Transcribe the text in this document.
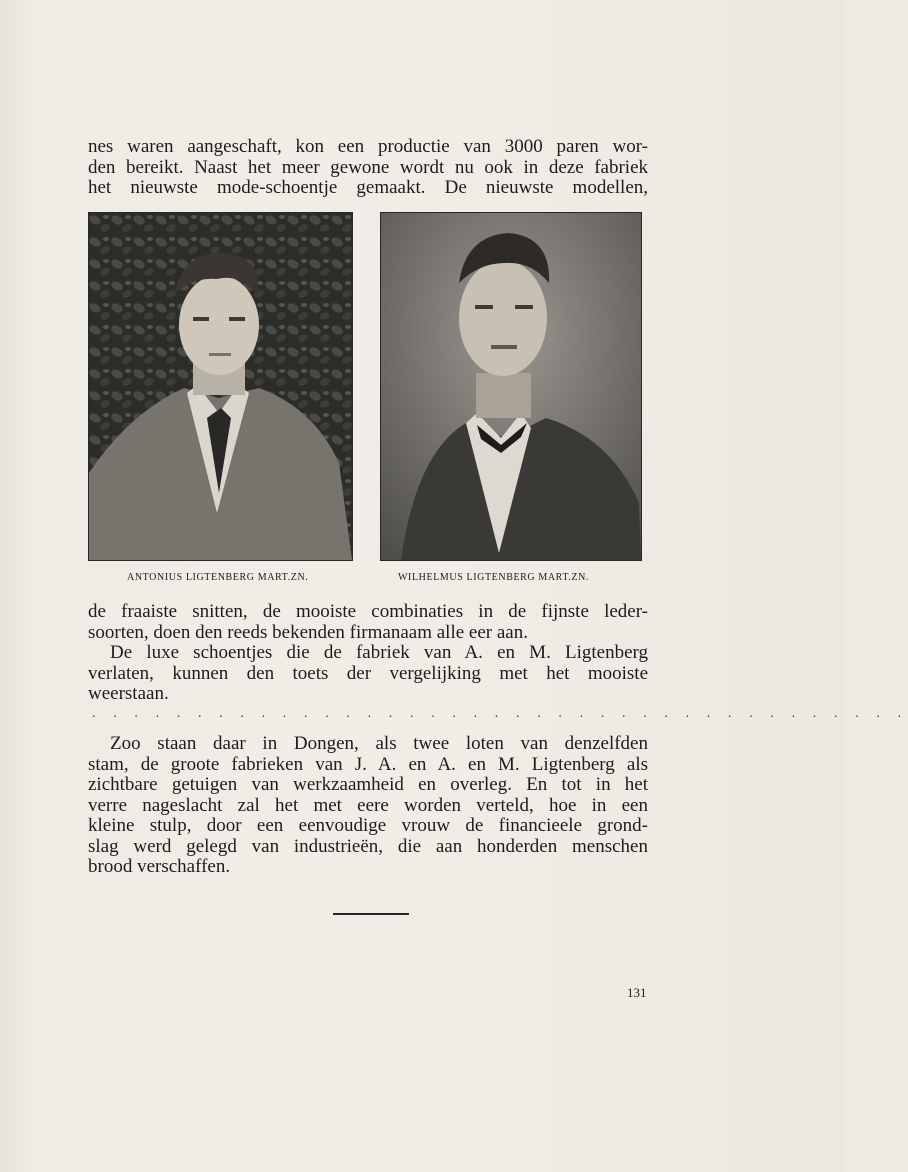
nes waren aangeschaft, kon een productie van 3000 paren wor-
den bereikt. Naast het meer gewone wordt nu ook in deze fabriek
het nieuwste mode-schoentje gemaakt. De nieuwste modellen,
ANTONIUS LIGTENBERG MART.ZN.	WILHELMUS LIGTENBERG MART.ZN.
de fraaiste snitten, de mooiste combinaties in de fijnste leder-
soorten, doen den reeds bekenden firmanaam alle eer aan.
De luxe schoentjes die de fabriek van A. en M. Ligtenberg
verlaten, kunnen den toets der vergelijking met het mooiste
weerstaan.
. . . . . . . . . . . . . . . . . . . . . . . . . . . . . . . . . . . . . . .
Zoo staan daar in Dongen, als twee loten van denzelfden
stam, de groote fabrieken van J. A. en A. en M. Ligtenberg als
zichtbare getuigen van werkzaamheid en overleg. En tot in het
verre nageslacht zal het met eere worden verteld, hoe in een
kleine stulp, door een eenvoudige vrouw de financieele grond-
slag werd gelegd van industrieën, die aan honderden menschen
brood verschaffen.
131
